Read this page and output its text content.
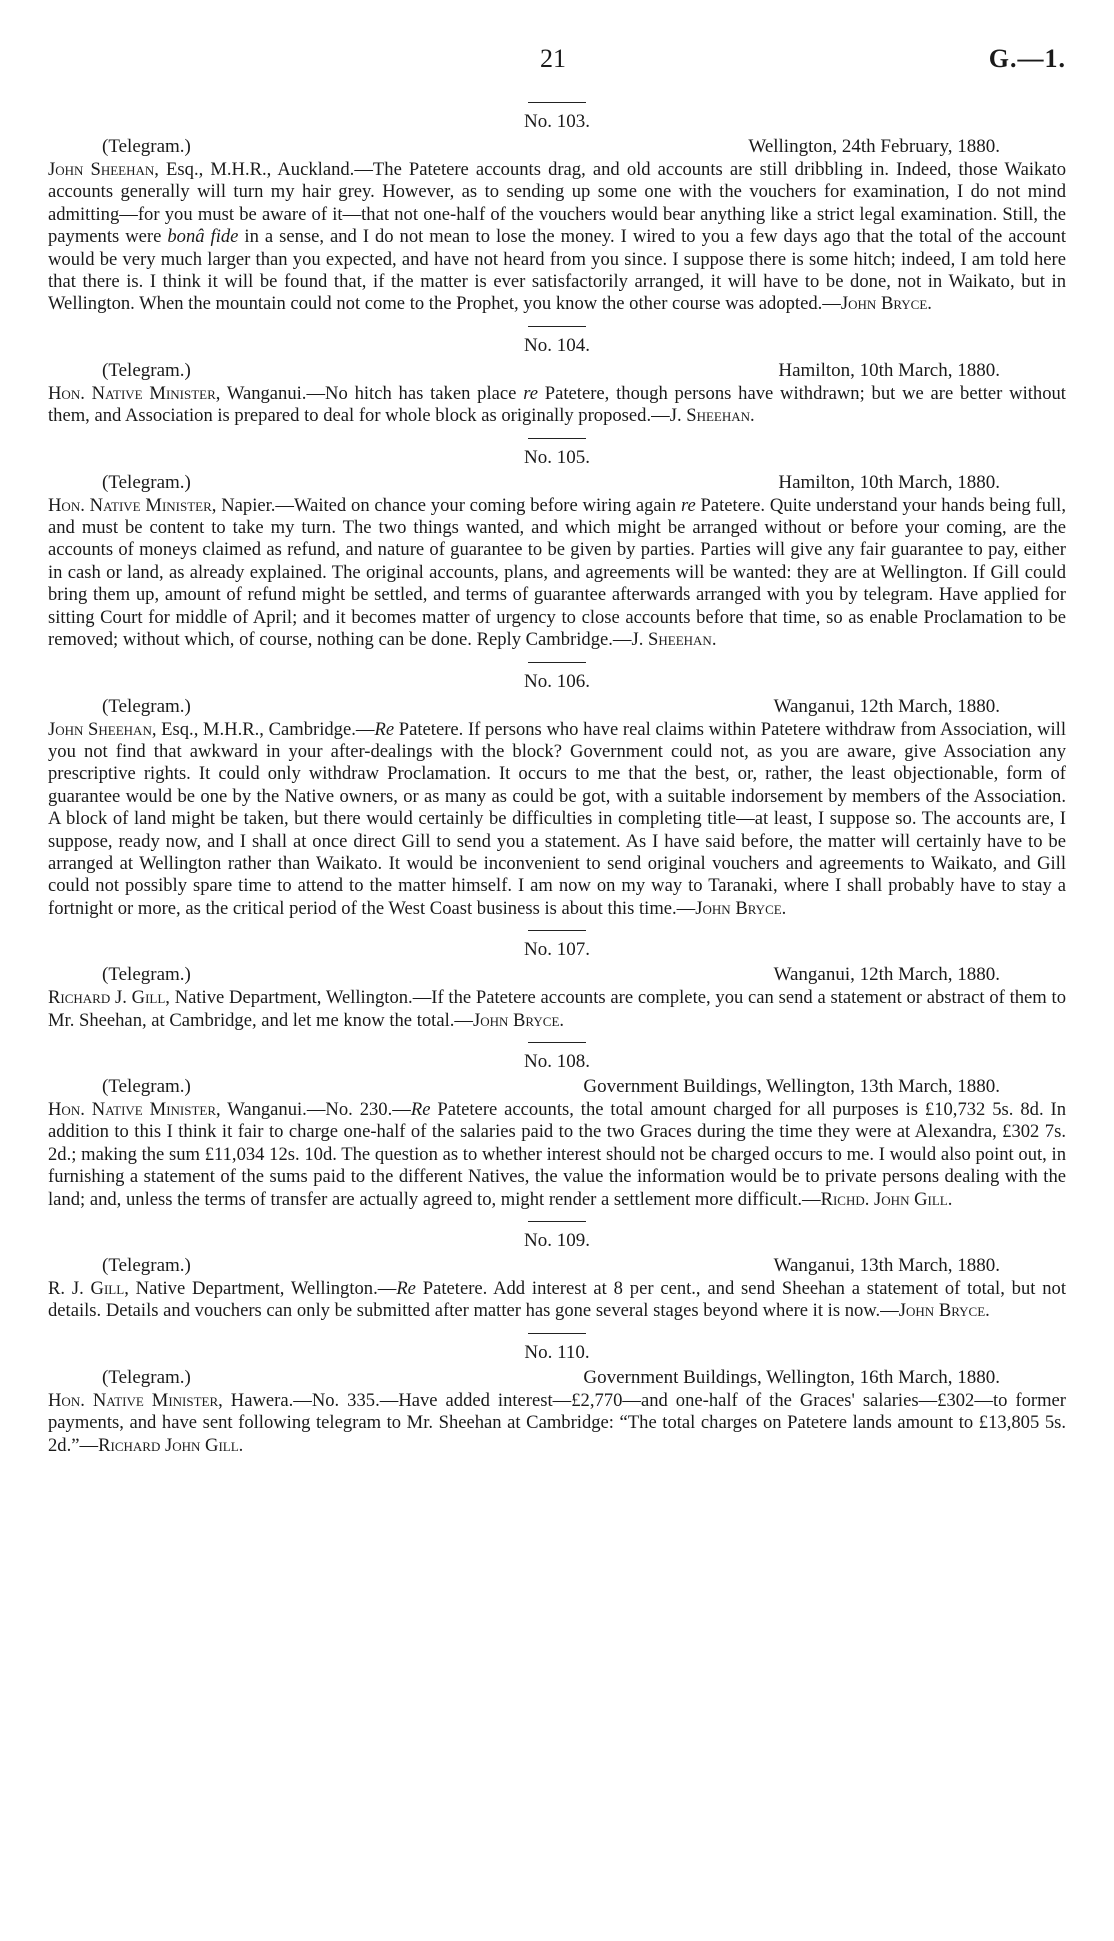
21	G.—1.
No. 103.
(Telegram.)	Wellington, 24th February, 1880.

John Sheehan, Esq., M.H.R., Auckland.—The Patetere accounts drag, and old accounts are still dribbling in. Indeed, those Waikato accounts generally will turn my hair grey. However, as to sending up some one with the vouchers for examination, I do not mind admitting—for you must be aware of it—that not one-half of the vouchers would bear anything like a strict legal examination. Still, the payments were bonâ fide in a sense, and I do not mean to lose the money. I wired to you a few days ago that the total of the account would be very much larger than you expected, and have not heard from you since. I suppose there is some hitch; indeed, I am told here that there is. I think it will be found that, if the matter is ever satisfactorily arranged, it will have to be done, not in Waikato, but in Wellington. When the mountain could not come to the Prophet, you know the other course was adopted.—John Bryce.

No. 104.
(Telegram.)	Hamilton, 10th March, 1880.

Hon. Native Minister, Wanganui.—No hitch has taken place re Patetere, though persons have withdrawn; but we are better without them, and Association is prepared to deal for whole block as originally proposed.—J. Sheehan.

No. 105.
(Telegram.)	Hamilton, 10th March, 1880.

Hon. Native Minister, Napier.—Waited on chance your coming before wiring again re Patetere. Quite understand your hands being full, and must be content to take my turn. The two things wanted, and which might be arranged without or before your coming, are the accounts of moneys claimed as refund, and nature of guarantee to be given by parties. Parties will give any fair guarantee to pay, either in cash or land, as already explained. The original accounts, plans, and agreements will be wanted: they are at Wellington. If Gill could bring them up, amount of refund might be settled, and terms of guarantee afterwards arranged with you by telegram. Have applied for sitting Court for middle of April; and it becomes matter of urgency to close accounts before that time, so as enable Proclamation to be removed; without which, of course, nothing can be done. Reply Cambridge.—J. Sheehan.

No. 106.
(Telegram.)	Wanganui, 12th March, 1880.

John Sheehan, Esq., M.H.R., Cambridge.—Re Patetere. If persons who have real claims within Patetere withdraw from Association, will you not find that awkward in your after-dealings with the block? Government could not, as you are aware, give Association any prescriptive rights. It could only withdraw Proclamation. It occurs to me that the best, or, rather, the least objectionable, form of guarantee would be one by the Native owners, or as many as could be got, with a suitable indorsement by members of the Association. A block of land might be taken, but there would certainly be difficulties in completing title—at least, I suppose so. The accounts are, I suppose, ready now, and I shall at once direct Gill to send you a statement. As I have said before, the matter will certainly have to be arranged at Wellington rather than Waikato. It would be inconvenient to send original vouchers and agreements to Waikato, and Gill could not possibly spare time to attend to the matter himself. I am now on my way to Taranaki, where I shall probably have to stay a fortnight or more, as the critical period of the West Coast business is about this time.—John Bryce.

No. 107.
(Telegram.)	Wanganui, 12th March, 1880.

Richard J. Gill, Native Department, Wellington.—If the Patetere accounts are complete, you can send a statement or abstract of them to Mr. Sheehan, at Cambridge, and let me know the total.—John Bryce.

No. 108.
(Telegram.)	Government Buildings, Wellington, 13th March, 1880.

Hon. Native Minister, Wanganui.—No. 230.—Re Patetere accounts, the total amount charged for all purposes is £10,732 5s. 8d. In addition to this I think it fair to charge one-half of the salaries paid to the two Graces during the time they were at Alexandra, £302 7s. 2d.; making the sum £11,034 12s. 10d. The question as to whether interest should not be charged occurs to me. I would also point out, in furnishing a statement of the sums paid to the different Natives, the value the information would be to private persons dealing with the land; and, unless the terms of transfer are actually agreed to, might render a settlement more difficult.—Richd. John Gill.

No. 109.
(Telegram.)	Wanganui, 13th March, 1880.

R. J. Gill, Native Department, Wellington.—Re Patetere. Add interest at 8 per cent., and send Sheehan a statement of total, but not details. Details and vouchers can only be submitted after matter has gone several stages beyond where it is now.—John Bryce.

No. 110.
(Telegram.)	Government Buildings, Wellington, 16th March, 1880.

Hon. Native Minister, Hawera.—No. 335.—Have added interest—£2,770—and one-half of the Graces' salaries—£302—to former payments, and have sent following telegram to Mr. Sheehan at Cambridge: “The total charges on Patetere lands amount to £13,805 5s. 2d.”—Richard John Gill.
